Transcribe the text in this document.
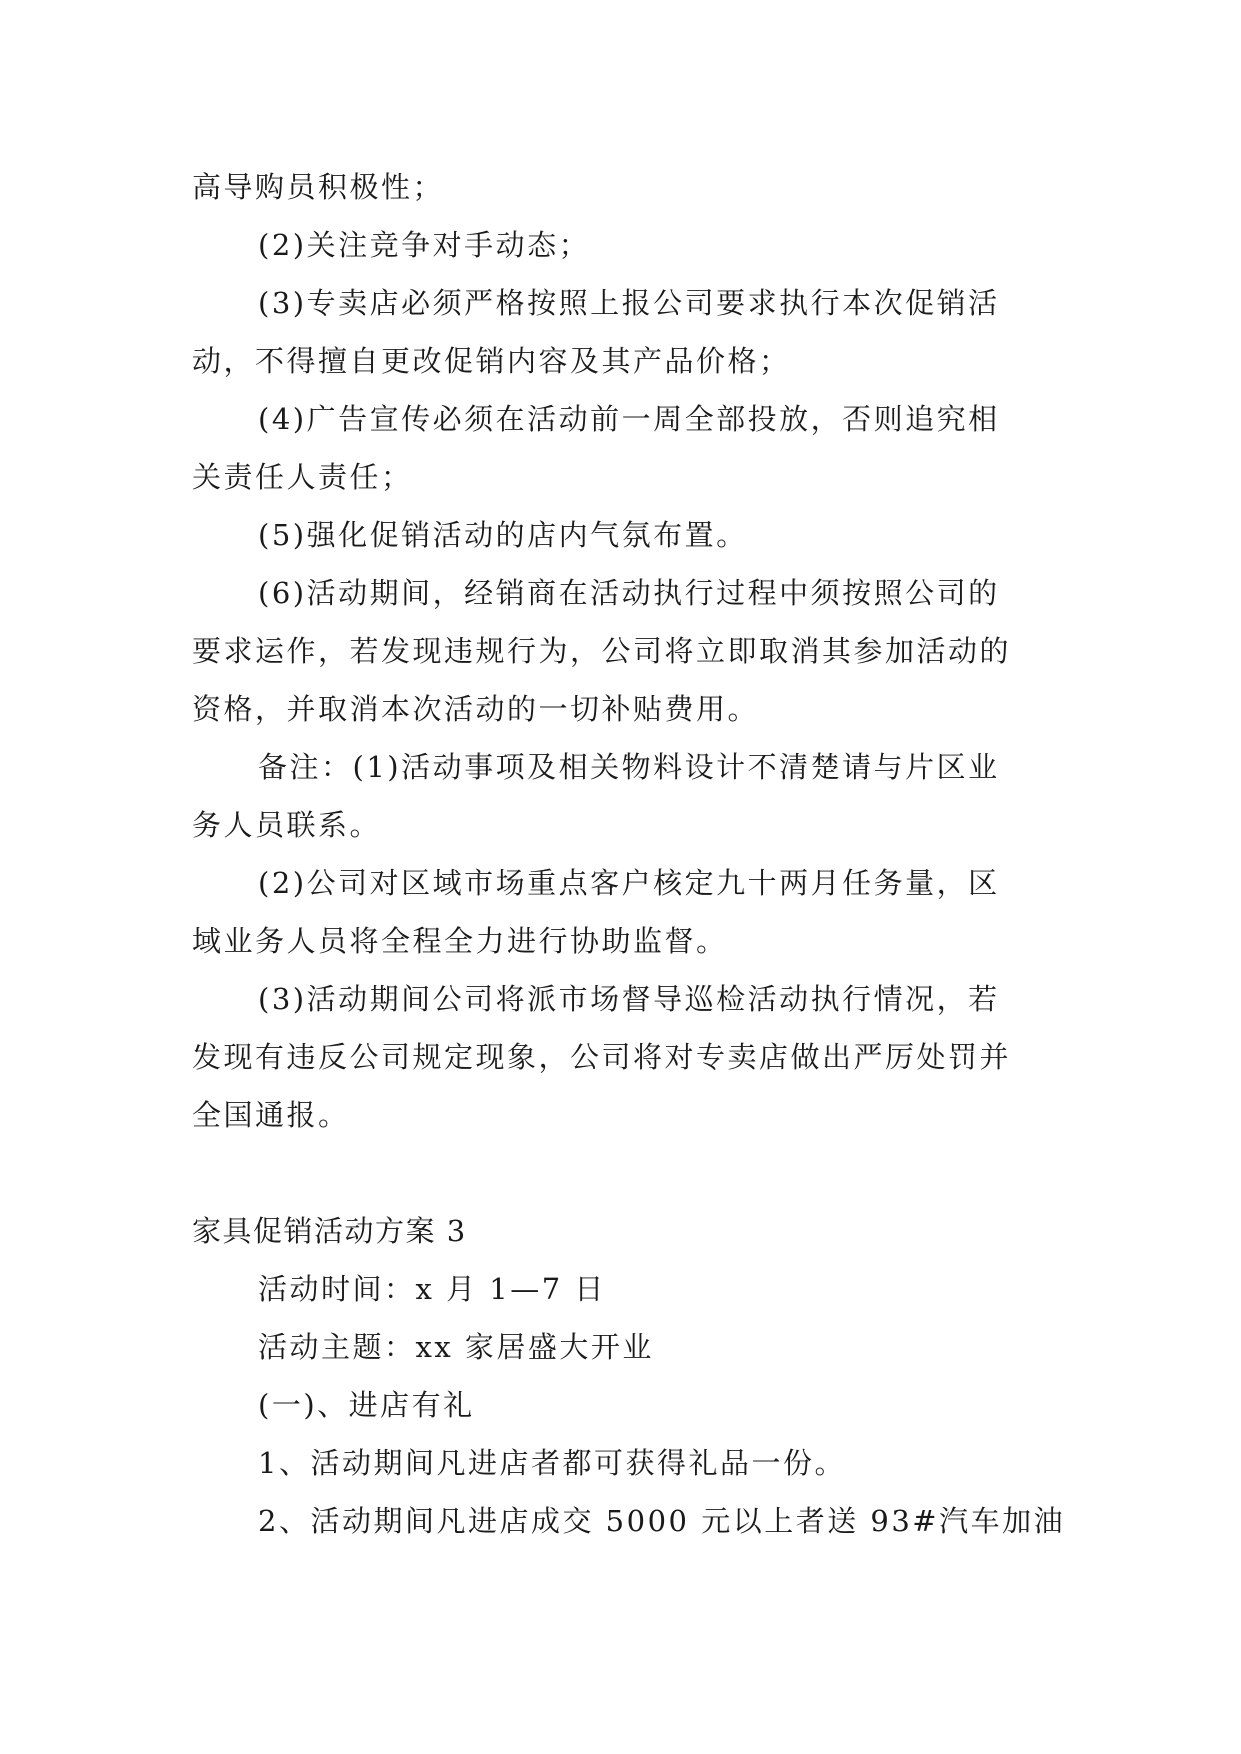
高导购员积极性；

(2)关注竞争对手动态；

(3)专卖店必须严格按照上报公司要求执行本次促销活

动，不得擅自更改促销内容及其产品价格；

(4)广告宣传必须在活动前一周全部投放，否则追究相

关责任人责任；

(5)强化促销活动的店内气氛布置。

(6)活动期间，经销商在活动执行过程中须按照公司的

要求运作，若发现违规行为，公司将立即取消其参加活动的

资格，并取消本次活动的一切补贴费用。

备注：(1)活动事项及相关物料设计不清楚请与片区业

务人员联系。

(2)公司对区域市场重点客户核定九十两月任务量，区

域业务人员将全程全力进行协助监督。

(3)活动期间公司将派市场督导巡检活动执行情况，若

发现有违反公司规定现象，公司将对专卖店做出严厉处罚并

全国通报。

家具促销活动方案 3

活动时间：x 月 1—7 日

活动主题：xx 家居盛大开业

(一)、进店有礼

1、活动期间凡进店者都可获得礼品一份。

2、活动期间凡进店成交 5000 元以上者送 93#汽车加油
